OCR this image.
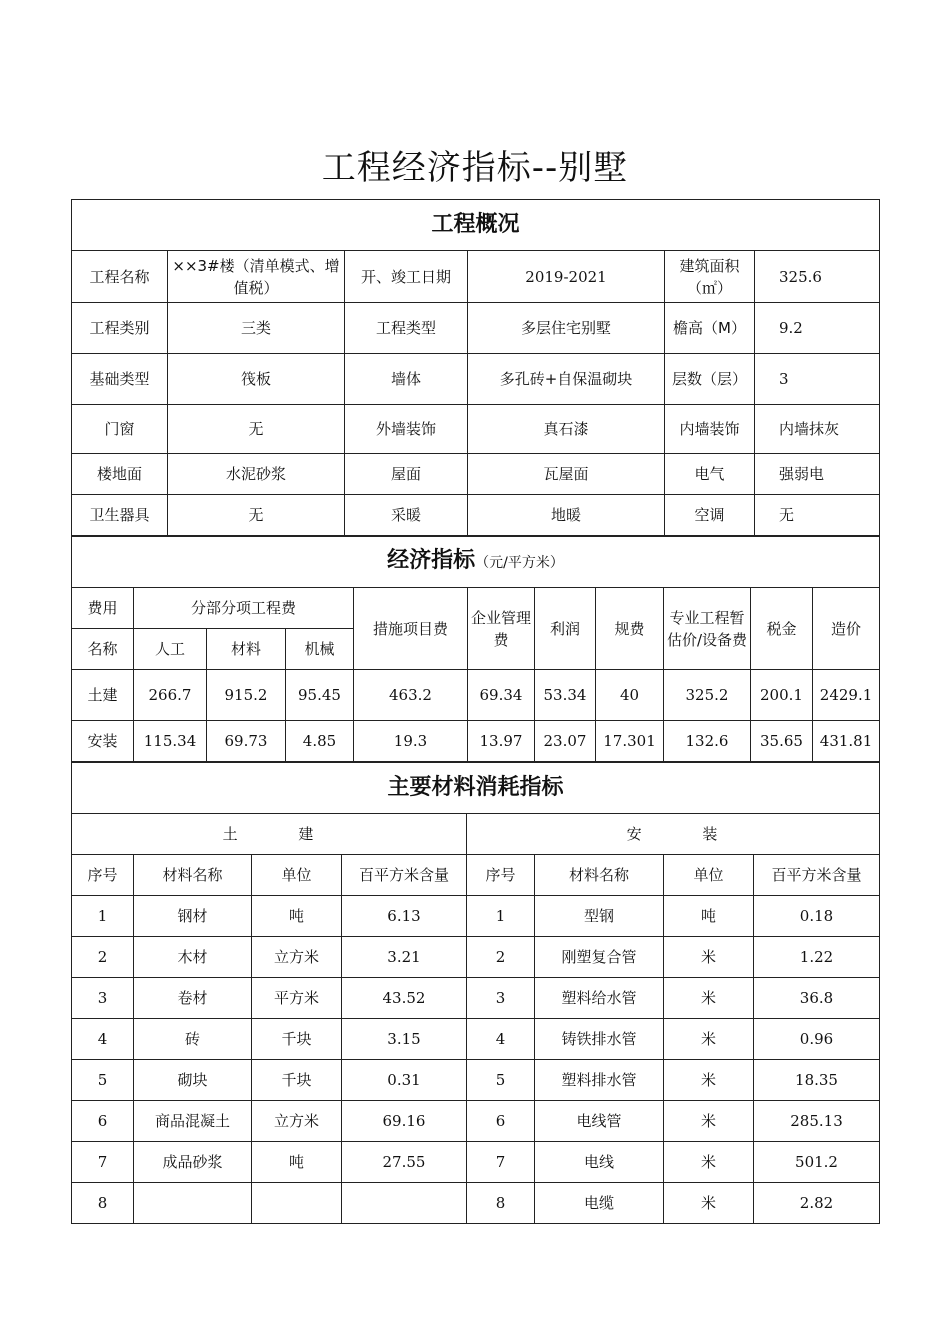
工程经济指标--别墅
工程概况					
工程名称	××3#楼（清单模式、增值税）	开、竣工日期	2019-2021	建筑面积（㎡）	325.6
工程类别	三类	工程类型	多层住宅别墅	檐高（M）	9.2
基础类型	筏板	墙体	多孔砖+自保温砌块	层数（层）	3
门窗	无	外墙装饰	真石漆	内墙装饰	内墙抹灰
楼地面	水泥砂浆	屋面	瓦屋面	电气	强弱电
卫生器具	无	采暖	地暖	空调	无
经济指标（元/平方米）										
费用	分部分项工程费			措施项目费	企业管理费	利润	规费	专业工程暂估价/设备费	税金	造价
名称	人工	材料	机械							
土建	266.7	915.2	95.45	463.2	69.34	53.34	40	325.2	200.1	2429.1
安装	115.34	69.73	4.85	19.3	13.97	23.07	17.301	132.6	35.65	431.81
主要材料消耗指标							
土 建				安 装			
序号	材料名称	单位	百平方米含量	序号	材料名称	单位	百平方米含量
1	钢材	吨	6.13	1	型钢	吨	0.18
2	木材	立方米	3.21	2	刚塑复合管	米	1.22
3	卷材	平方米	43.52	3	塑料给水管	米	36.8
4	砖	千块	3.15	4	铸铁排水管	米	0.96
5	砌块	千块	0.31	5	塑料排水管	米	18.35
6	商品混凝土	立方米	69.16	6	电线管	米	285.13
7	成品砂浆	吨	27.55	7	电线	米	501.2
8				8	电缆	米	2.82
